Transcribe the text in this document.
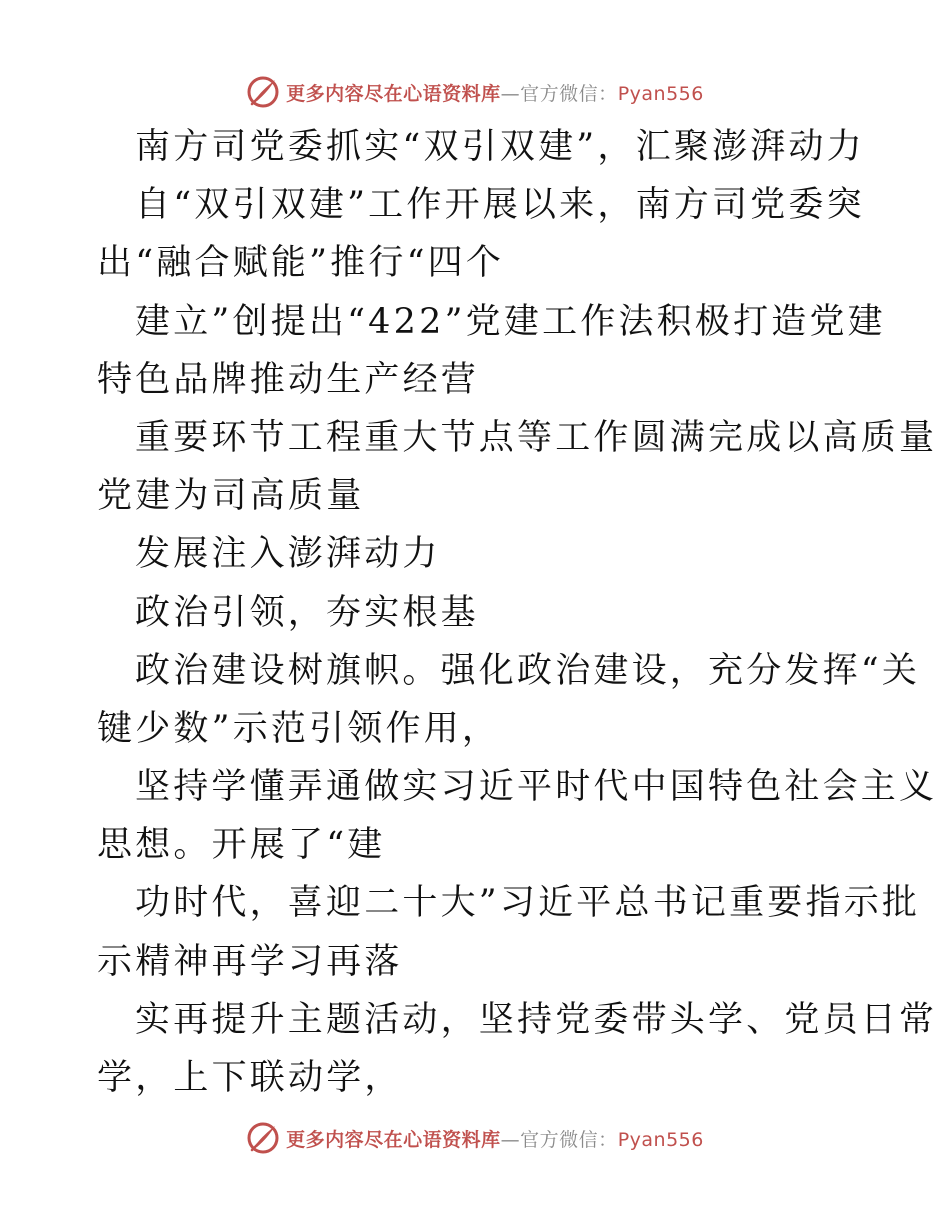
更多内容尽在心语资料库—官方微信：Pyan556
南方司党委抓实“双引双建”，汇聚澎湃动力
自“双引双建”工作开展以来，南方司党委突
出“融合赋能”推行“四个
建立”创提出“422”党建工作法积极打造党建
特色品牌推动生产经营
重要环节工程重大节点等工作圆满完成以高质量
党建为司高质量
发展注入澎湃动力
政治引领，夯实根基
政治建设树旗帜。强化政治建设，充分发挥“关
键少数”示范引领作用，
坚持学懂弄通做实习近平时代中国特色社会主义
思想。开展了“建
功时代，喜迎二十大”习近平总书记重要指示批
示精神再学习再落
实再提升主题活动，坚持党委带头学、党员日常
学，上下联动学，
更多内容尽在心语资料库—官方微信：Pyan556
